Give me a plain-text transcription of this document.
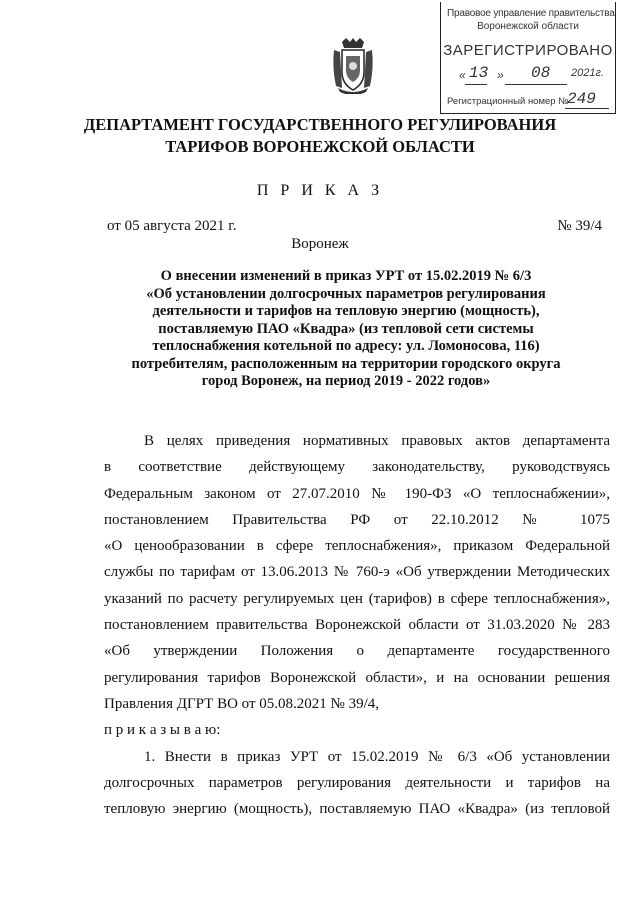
Правовое управление правительства
Воронежской области
ЗАРЕГИСТРИРОВАНО
« 13 » 08 2021г.
Регистрационный номер №
249
ДЕПАРТАМЕНТ ГОСУДАРСТВЕННОГО РЕГУЛИРОВАНИЯ
ТАРИФОВ ВОРОНЕЖСКОЙ ОБЛАСТИ
П Р И К А З
от 05 августа 2021 г.	№ 39/4
Воронеж
О внесении изменений в приказ УРТ от 15.02.2019 № 6/3
«Об установлении долгосрочных параметров регулирования
деятельности и тарифов на тепловую энергию (мощность),
поставляемую ПАО «Квадра» (из тепловой сети системы
теплоснабжения котельной по адресу: ул. Ломоносова, 116)
потребителям, расположенным на территории городского округа
город Воронеж, на период 2019 - 2022 годов»

В целях приведения нормативных правовых актов департамента

в соответствие действующему законодательству, руководствуясь

Федеральным законом от 27.07.2010 № 190-ФЗ «О теплоснабжении»,

постановлением Правительства РФ от 22.10.2012 № 1075

«О ценообразовании в сфере теплоснабжения», приказом Федеральной

службы по тарифам от 13.06.2013 № 760-э «Об утверждении Методических

указаний по расчету регулируемых цен (тарифов) в сфере теплоснабжения»,

постановлением правительства Воронежской области от 31.03.2020 № 283

«Об утверждении Положения о департаменте государственного

регулирования тарифов Воронежской области», и на основании решения

Правления ДГРТ ВО от 05.08.2021 № 39/4,

п р и к а з ы в а ю:

1. Внести в приказ УРТ от 15.02.2019 № 6/3 «Об установлении

долгосрочных параметров регулирования деятельности и тарифов на

тепловую энергию (мощность), поставляемую ПАО «Квадра» (из тепловой
